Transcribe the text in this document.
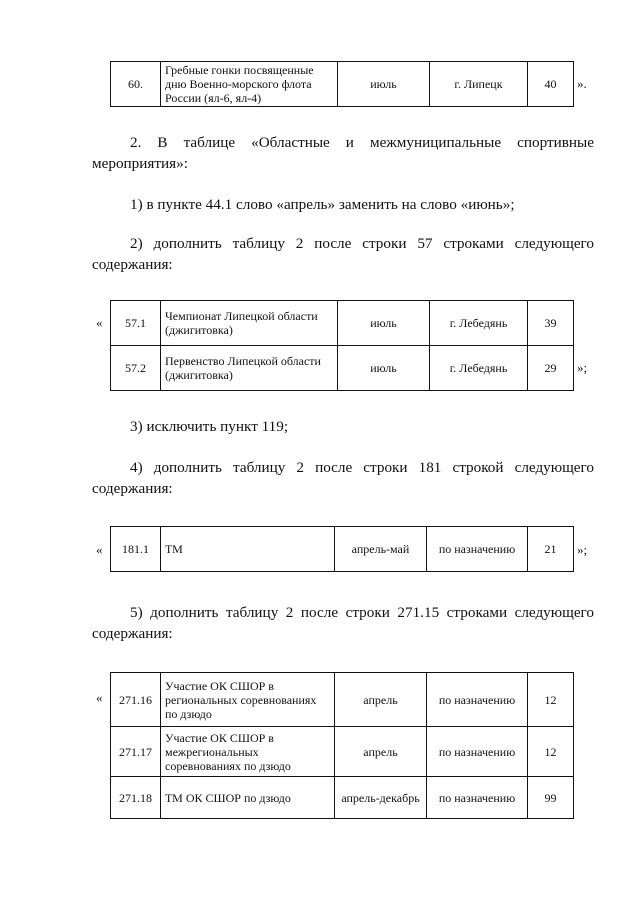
60.	Гребные гонки посвященные дню Военно-морского флота России (ял-6, ял-4)	июль	г. Липецк	40 ».
2. В таблице «Областные и межмуниципальные спортивные мероприятия»:
1) в пункте 44.1 слово «апрель» заменить на слово «июнь»;
2) дополнить таблицу 2 после строки 57 строками следующего содержания:
« 57.1	Чемпионат Липецкой области (джигитовка)	июль	г. Лебедянь	39
57.2	Первенство Липецкой области (джигитовка)	июль	г. Лебедянь	29 »;
3) исключить пункт 119;
4) дополнить таблицу 2 после строки 181 строкой следующего содержания:
« 181.1	ТМ	апрель-май	по назначению	21 »;
5) дополнить таблицу 2 после строки 271.15 строками следующего содержания:
« 271.16	Участие ОК СШОР в региональных соревнованиях по дзюдо	апрель	по назначению	12
271.17	Участие ОК СШОР в межрегиональных соревнованиях по дзюдо	апрель	по назначению	12
271.18	ТМ ОК СШОР по дзюдо	апрель-декабрь	по назначению	99
